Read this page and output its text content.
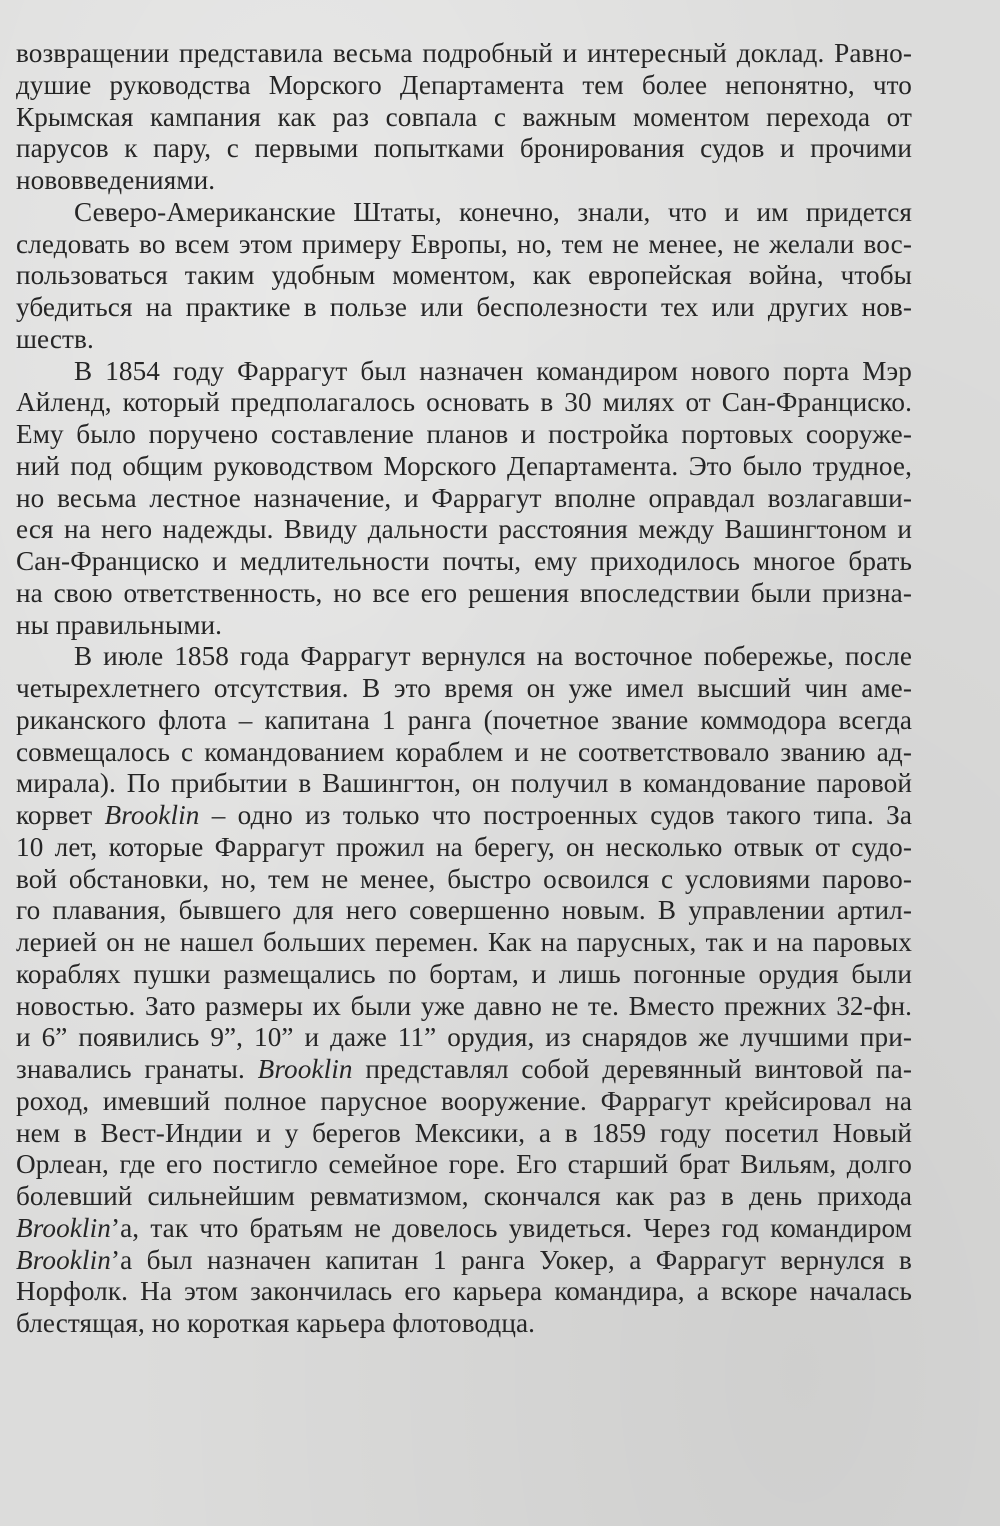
возвращении представила весьма подробный и интересный доклад. Равно-
душие руководства Морского Департамента тем более непонятно, что
Крымская кампания как раз совпала с важным моментом перехода от
парусов к пару, с первыми попытками бронирования судов и прочими
нововведениями.
Северо-Американские Штаты, конечно, знали, что и им придется
следовать во всем этом примеру Европы, но, тем не менее, не желали вос-
пользоваться таким удобным моментом, как европейская война, чтобы
убедиться на практике в пользе или бесполезности тех или других нов-
шеств.
В 1854 году Фаррагут был назначен командиром нового порта Мэр
Айленд, который предполагалось основать в 30 милях от Сан-Франциско.
Ему было поручено составление планов и постройка портовых сооруже-
ний под общим руководством Морского Департамента. Это было трудное,
но весьма лестное назначение, и Фаррагут вполне оправдал возлагавши-
еся на него надежды. Ввиду дальности расстояния между Вашингтоном и
Сан-Франциско и медлительности почты, ему приходилось многое брать
на свою ответственность, но все его решения впоследствии были призна-
ны правильными.
В июле 1858 года Фаррагут вернулся на восточное побережье, после
четырехлетнего отсутствия. В это время он уже имел высший чин аме-
риканского флота – капитана 1 ранга (почетное звание коммодора всегда
совмещалось с командованием кораблем и не соответствовало званию ад-
мирала). По прибытии в Вашингтон, он получил в командование паровой
корвет Brooklin – одно из только что построенных судов такого типа. За
10 лет, которые Фаррагут прожил на берегу, он несколько отвык от судо-
вой обстановки, но, тем не менее, быстро освоился с условиями парово-
го плавания, бывшего для него совершенно новым. В управлении артил-
лерией он не нашел больших перемен. Как на парусных, так и на паровых
кораблях пушки размещались по бортам, и лишь погонные орудия были
новостью. Зато размеры их были уже давно не те. Вместо прежних 32-фн.
и 6” появились 9”, 10” и даже 11” орудия, из снарядов же лучшими при-
знавались гранаты. Brooklin представлял собой деревянный винтовой па-
роход, имевший полное парусное вооружение. Фаррагут крейсировал на
нем в Вест-Индии и у берегов Мексики, а в 1859 году посетил Новый
Орлеан, где его постигло семейное горе. Его старший брат Вильям, долго
болевший сильнейшим ревматизмом, скончался как раз в день прихода
Brooklin’а, так что братьям не довелось увидеться. Через год командиром
Brooklin’а был назначен капитан 1 ранга Уокер, а Фаррагут вернулся в
Норфолк. На этом закончилась его карьера командира, а вскоре началась
блестящая, но короткая карьера флотоводца.
